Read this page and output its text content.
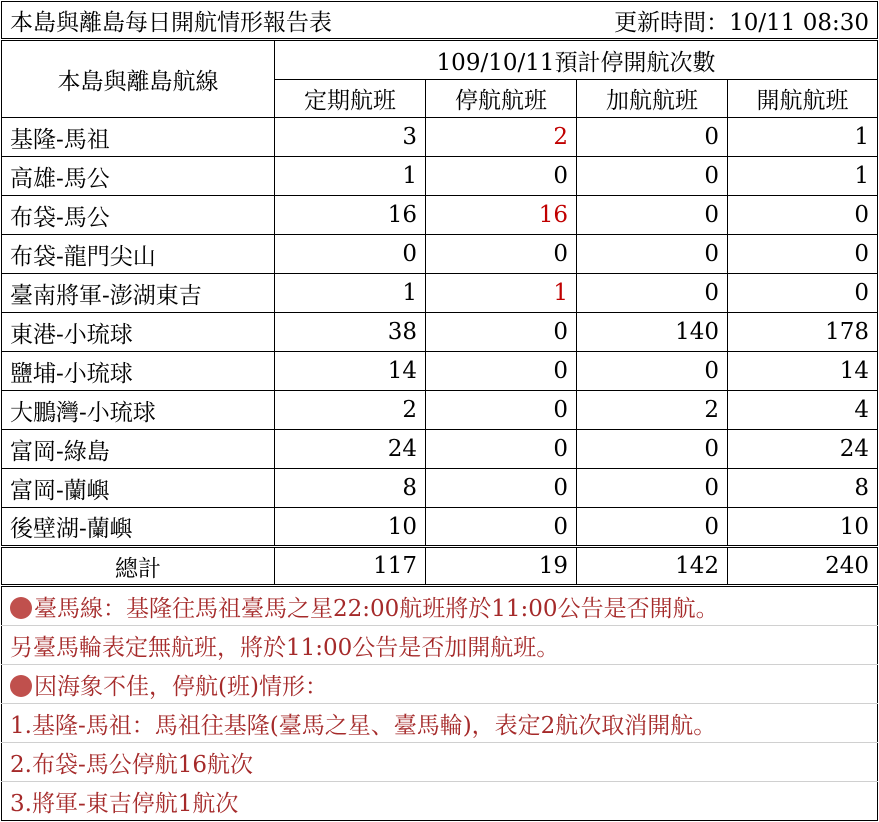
本島與離島每日開航情形報告表			更新時間：10/11 08:30	
本島與離島航線	109/10/11預計停開航次數			
	定期航班	停航航班	加航航班	開航航班
基隆-馬祖	3	2	0	1
高雄-馬公	1	0	0	1
布袋-馬公	16	16	0	0
布袋-龍門尖山	0	0	0	0
臺南將軍-澎湖東吉	1	1	0	0
東港-小琉球	38	0	140	178
鹽埔-小琉球	14	0	0	14
大鵬灣-小琉球	2	0	2	4
富岡-綠島	24	0	0	24
富岡-蘭嶼	8	0	0	8
後壁湖-蘭嶼	10	0	0	10
總計	117	19	142	240
臺馬線：基隆往馬祖臺馬之星22:00航班將於11:00公告是否開航。				
另臺馬輪表定無航班，將於11:00公告是否加開航班。				
因海象不佳，停航(班)情形：				
1.基隆-馬祖：馬祖往基隆(臺馬之星、臺馬輪)，表定2航次取消開航。				
2.布袋-馬公停航16航次				
3.將軍-東吉停航1航次				
